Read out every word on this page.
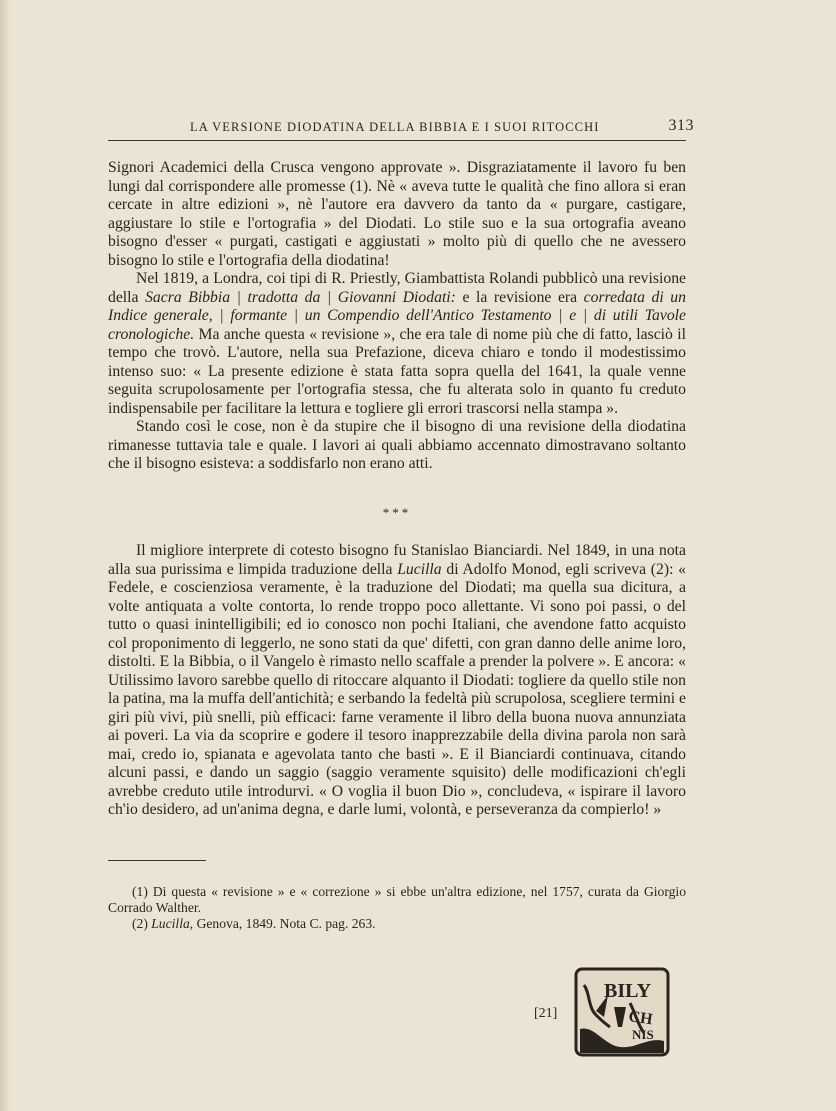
LA VERSIONE DIODATINA DELLA BIBBIA E I SUOI RITOCCHI	313

Signori Academici della Crusca vengono approvate ». Disgraziatamente il lavoro fu ben lungi dal corrispondere alle promesse (1). Nè « aveva tutte le qualità che fino allora si eran cercate in altre edizioni », nè l'autore era davvero da tanto da « purgare, castigare, aggiustare lo stile e l'ortografia » del Diodati. Lo stile suo e la sua ortografia aveano bisogno d'esser « purgati, castigati e aggiustati » molto più di quello che ne avessero bisogno lo stile e l'ortografia della diodatina!

Nel 1819, a Londra, coi tipi di R. Priestly, Giambattista Rolandi pubblicò una revisione della Sacra Bibbia | tradotta da | Giovanni Diodati: e la revisione era corredata di un Indice generale, | formante | un Compendio dell'Antico Testamento | e | di utili Tavole cronologiche. Ma anche questa « revisione », che era tale di nome più che di fatto, lasciò il tempo che trovò. L'autore, nella sua Prefazione, diceva chiaro e tondo il modestissimo intenso suo: « La presente edizione è stata fatta sopra quella del 1641, la quale venne seguita scrupolosamente per l'ortografia stessa, che fu alterata solo in quanto fu creduto indispensabile per facilitare la lettura e togliere gli errori trascorsi nella stampa ».

Stando così le cose, non è da stupire che il bisogno di una revisione della diodatina rimanesse tuttavia tale e quale. I lavori ai quali abbiamo accennato dimostravano soltanto che il bisogno esisteva: a soddisfarlo non erano atti.

***

Il migliore interprete di cotesto bisogno fu Stanislao Bianciardi. Nel 1849, in una nota alla sua purissima e limpida traduzione della Lucilla di Adolfo Monod, egli scriveva (2): « Fedele, e coscienziosa veramente, è la traduzione del Diodati; ma quella sua dicitura, a volte antiquata a volte contorta, lo rende troppo poco allettante. Vi sono poi passi, o del tutto o quasi inintelligibili; ed io conosco non pochi Italiani, che avendone fatto acquisto col proponimento di leggerlo, ne sono stati da que' difetti, con gran danno delle anime loro, distolti. E la Bibbia, o il Vangelo è rimasto nello scaffale a prender la polvere ». E ancora: « Utilissimo lavoro sarebbe quello di ritoccare alquanto il Diodati: togliere da quello stile non la patina, ma la muffa dell'antichità; e serbando la fedeltà più scrupolosa, scegliere termini e giri più vivi, più snelli, più efficaci: farne veramente il libro della buona nuova annunziata ai poveri. La via da scoprire e godere il tesoro inapprezzabile della divina parola non sarà mai, credo io, spianata e agevolata tanto che basti ». E il Bianciardi continuava, citando alcuni passi, e dando un saggio (saggio veramente squisito) delle modificazioni ch'egli avrebbe creduto utile introdurvi. « O voglia il buon Dio », concludeva, « ispirare il lavoro ch'io desidero, ad un'anima degna, e darle lumi, volontà, e perseveranza da compierlo! »

(1) Di questa « revisione » e « correzione » si ebbe un'altra edizione, nel 1757, curata da Giorgio Corrado Walther.

(2) Lucilla, Genova, 1849. Nota C. pag. 263.

[21]
BILY
CH
NIS
